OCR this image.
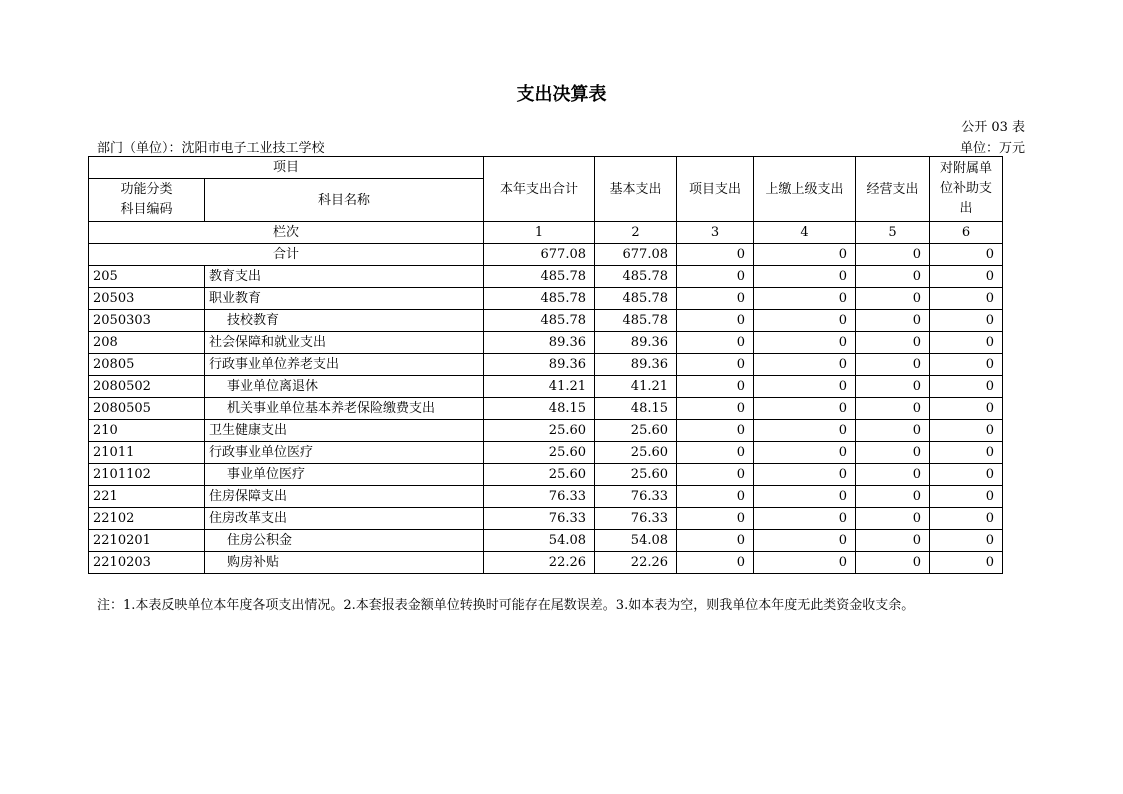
支出决算表
公开 03 表
部门（单位）：沈阳市电子工业技工学校	单位：万元
项目		本年支出合计	基本支出	项目支出	上缴上级支出	经营支出	对附属单位补助支出
功能分类
科目编码	科目名称						
栏次		1	2	3	4	5	6
合计		677.08	677.08	0	0	0	0
205	教育支出	485.78	485.78	0	0	0	0
20503	职业教育	485.78	485.78	0	0	0	0
2050303	技校教育	485.78	485.78	0	0	0	0
208	社会保障和就业支出	89.36	89.36	0	0	0	0
20805	行政事业单位养老支出	89.36	89.36	0	0	0	0
2080502	事业单位离退休	41.21	41.21	0	0	0	0
2080505	机关事业单位基本养老保险缴费支出	48.15	48.15	0	0	0	0
210	卫生健康支出	25.60	25.60	0	0	0	0
21011	行政事业单位医疗	25.60	25.60	0	0	0	0
2101102	事业单位医疗	25.60	25.60	0	0	0	0
221	住房保障支出	76.33	76.33	0	0	0	0
22102	住房改革支出	76.33	76.33	0	0	0	0
2210201	住房公积金	54.08	54.08	0	0	0	0
2210203	购房补贴	22.26	22.26	0	0	0	0
注：1.本表反映单位本年度各项支出情况。2.本套报表金额单位转换时可能存在尾数误差。3.如本表为空，则我单位本年度无此类资金收支余。
